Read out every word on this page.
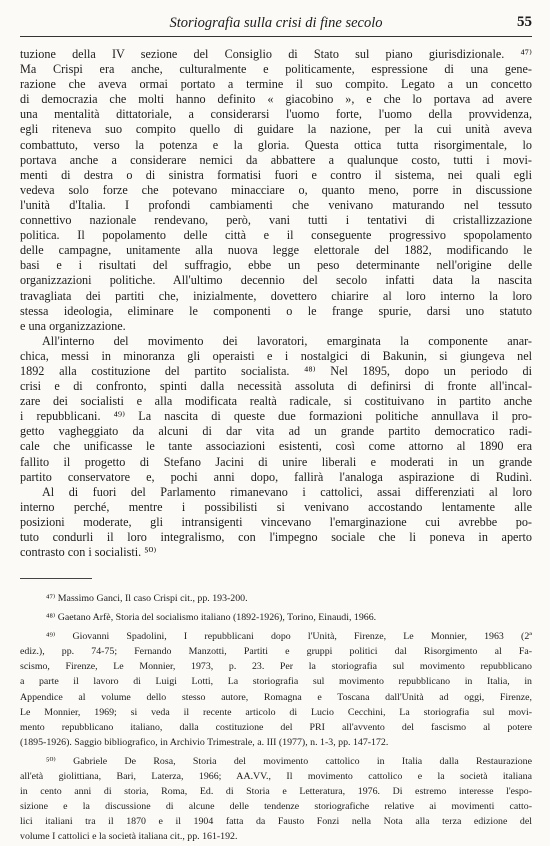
Storiografia sulla crisi di fine secolo	55
tuzione della IV sezione del Consiglio di Stato sul piano giurisdizionale. ⁴⁷⁾
Ma Crispi era anche, culturalmente e politicamente, espressione di una gene-
razione che aveva ormai portato a termine il suo compito. Legato a un concetto
di democrazia che molti hanno definito « giacobino », e che lo portava ad avere
una mentalità dittatoriale, a considerarsi l'uomo forte, l'uomo della provvidenza,
egli riteneva suo compito quello di guidare la nazione, per la cui unità aveva
combattuto, verso la potenza e la gloria. Questa ottica tutta risorgimentale, lo
portava anche a considerare nemici da abbattere a qualunque costo, tutti i movi-
menti di destra o di sinistra formatisi fuori e contro il sistema, nei quali egli
vedeva solo forze che potevano minacciare o, quanto meno, porre in discussione
l'unità d'Italia. I profondi cambiamenti che venivano maturando nel tessuto
connettivo nazionale rendevano, però, vani tutti i tentativi di cristallizzazione
politica. Il popolamento delle città e il conseguente progressivo spopolamento
delle campagne, unitamente alla nuova legge elettorale del 1882, modificando le
basi e i risultati del suffragio, ebbe un peso determinante nell'origine delle
organizzazioni politiche. All'ultimo decennio del secolo infatti data la nascita
travagliata dei partiti che, inizialmente, dovettero chiarire al loro interno la loro
stessa ideologia, eliminare le componenti o le frange spurie, darsi uno statuto
e una organizzazione.
All'interno del movimento dei lavoratori, emarginata la componente anar-
chica, messi in minoranza gli operaisti e i nostalgici di Bakunin, si giungeva nel
1892 alla costituzione del partito socialista. ⁴⁸⁾ Nel 1895, dopo un periodo di
crisi e di confronto, spinti dalla necessità assoluta di definirsi di fronte all'incal-
zare dei socialisti e alla modificata realtà radicale, si costituivano in partito anche
i repubblicani. ⁴⁹⁾ La nascita di queste due formazioni politiche annullava il pro-
getto vagheggiato da alcuni di dar vita ad un grande partito democratico radi-
cale che unificasse le tante associazioni esistenti, così come attorno al 1890 era
fallito il progetto di Stefano Jacini di unire liberali e moderati in un grande
partito conservatore e, pochi anni dopo, fallirà l'analoga aspirazione di Rudinì.
Al di fuori del Parlamento rimanevano i cattolici, assai differenziati al loro
interno perché, mentre i possibilisti si venivano accostando lentamente alle
posizioni moderate, gli intransigenti vincevano l'emarginazione cui avrebbe po-
tuto condurli il loro integralismo, con l'impegno sociale che li poneva in aperto
contrasto con i socialisti. ⁵⁰⁾
⁴⁷⁾ Massimo Ganci, Il caso Crispi cit., pp. 193-200.
⁴⁸⁾ Gaetano Arfè, Storia del socialismo italiano (1892-1926), Torino, Einaudi, 1966.
⁴⁹⁾ Giovanni Spadolini, I repubblicani dopo l'Unità, Firenze, Le Monnier, 1963 (2ª
ediz.), pp. 74-75; Fernando Manzotti, Partiti e gruppi politici dal Risorgimento al Fa-
scismo, Firenze, Le Monnier, 1973, p. 23. Per la storiografia sul movimento repubblicano
a parte il lavoro di Luigi Lotti, La storiografia sul movimento repubblicano in Italia, in
Appendice al volume dello stesso autore, Romagna e Toscana dall'Unità ad oggi, Firenze,
Le Monnier, 1969; si veda il recente articolo di Lucio Cecchini, La storiografia sul movi-
mento repubblicano italiano, dalla costituzione del PRI all'avvento del fascismo al potere
(1895-1926). Saggio bibliografico, in Archivio Trimestrale, a. III (1977), n. 1-3, pp. 147-172.
⁵⁰⁾ Gabriele De Rosa, Storia del movimento cattolico in Italia dalla Restaurazione
all'età giolittiana, Bari, Laterza, 1966; AA.VV., Il movimento cattolico e la società italiana
in cento anni di storia, Roma, Ed. di Storia e Letteratura, 1976. Di estremo interesse l'espo-
sizione e la discussione di alcune delle tendenze storiografiche relative ai movimenti catto-
lici italiani tra il 1870 e il 1904 fatta da Fausto Fonzi nella Nota alla terza edizione del
volume I cattolici e la società italiana cit., pp. 161-192.
